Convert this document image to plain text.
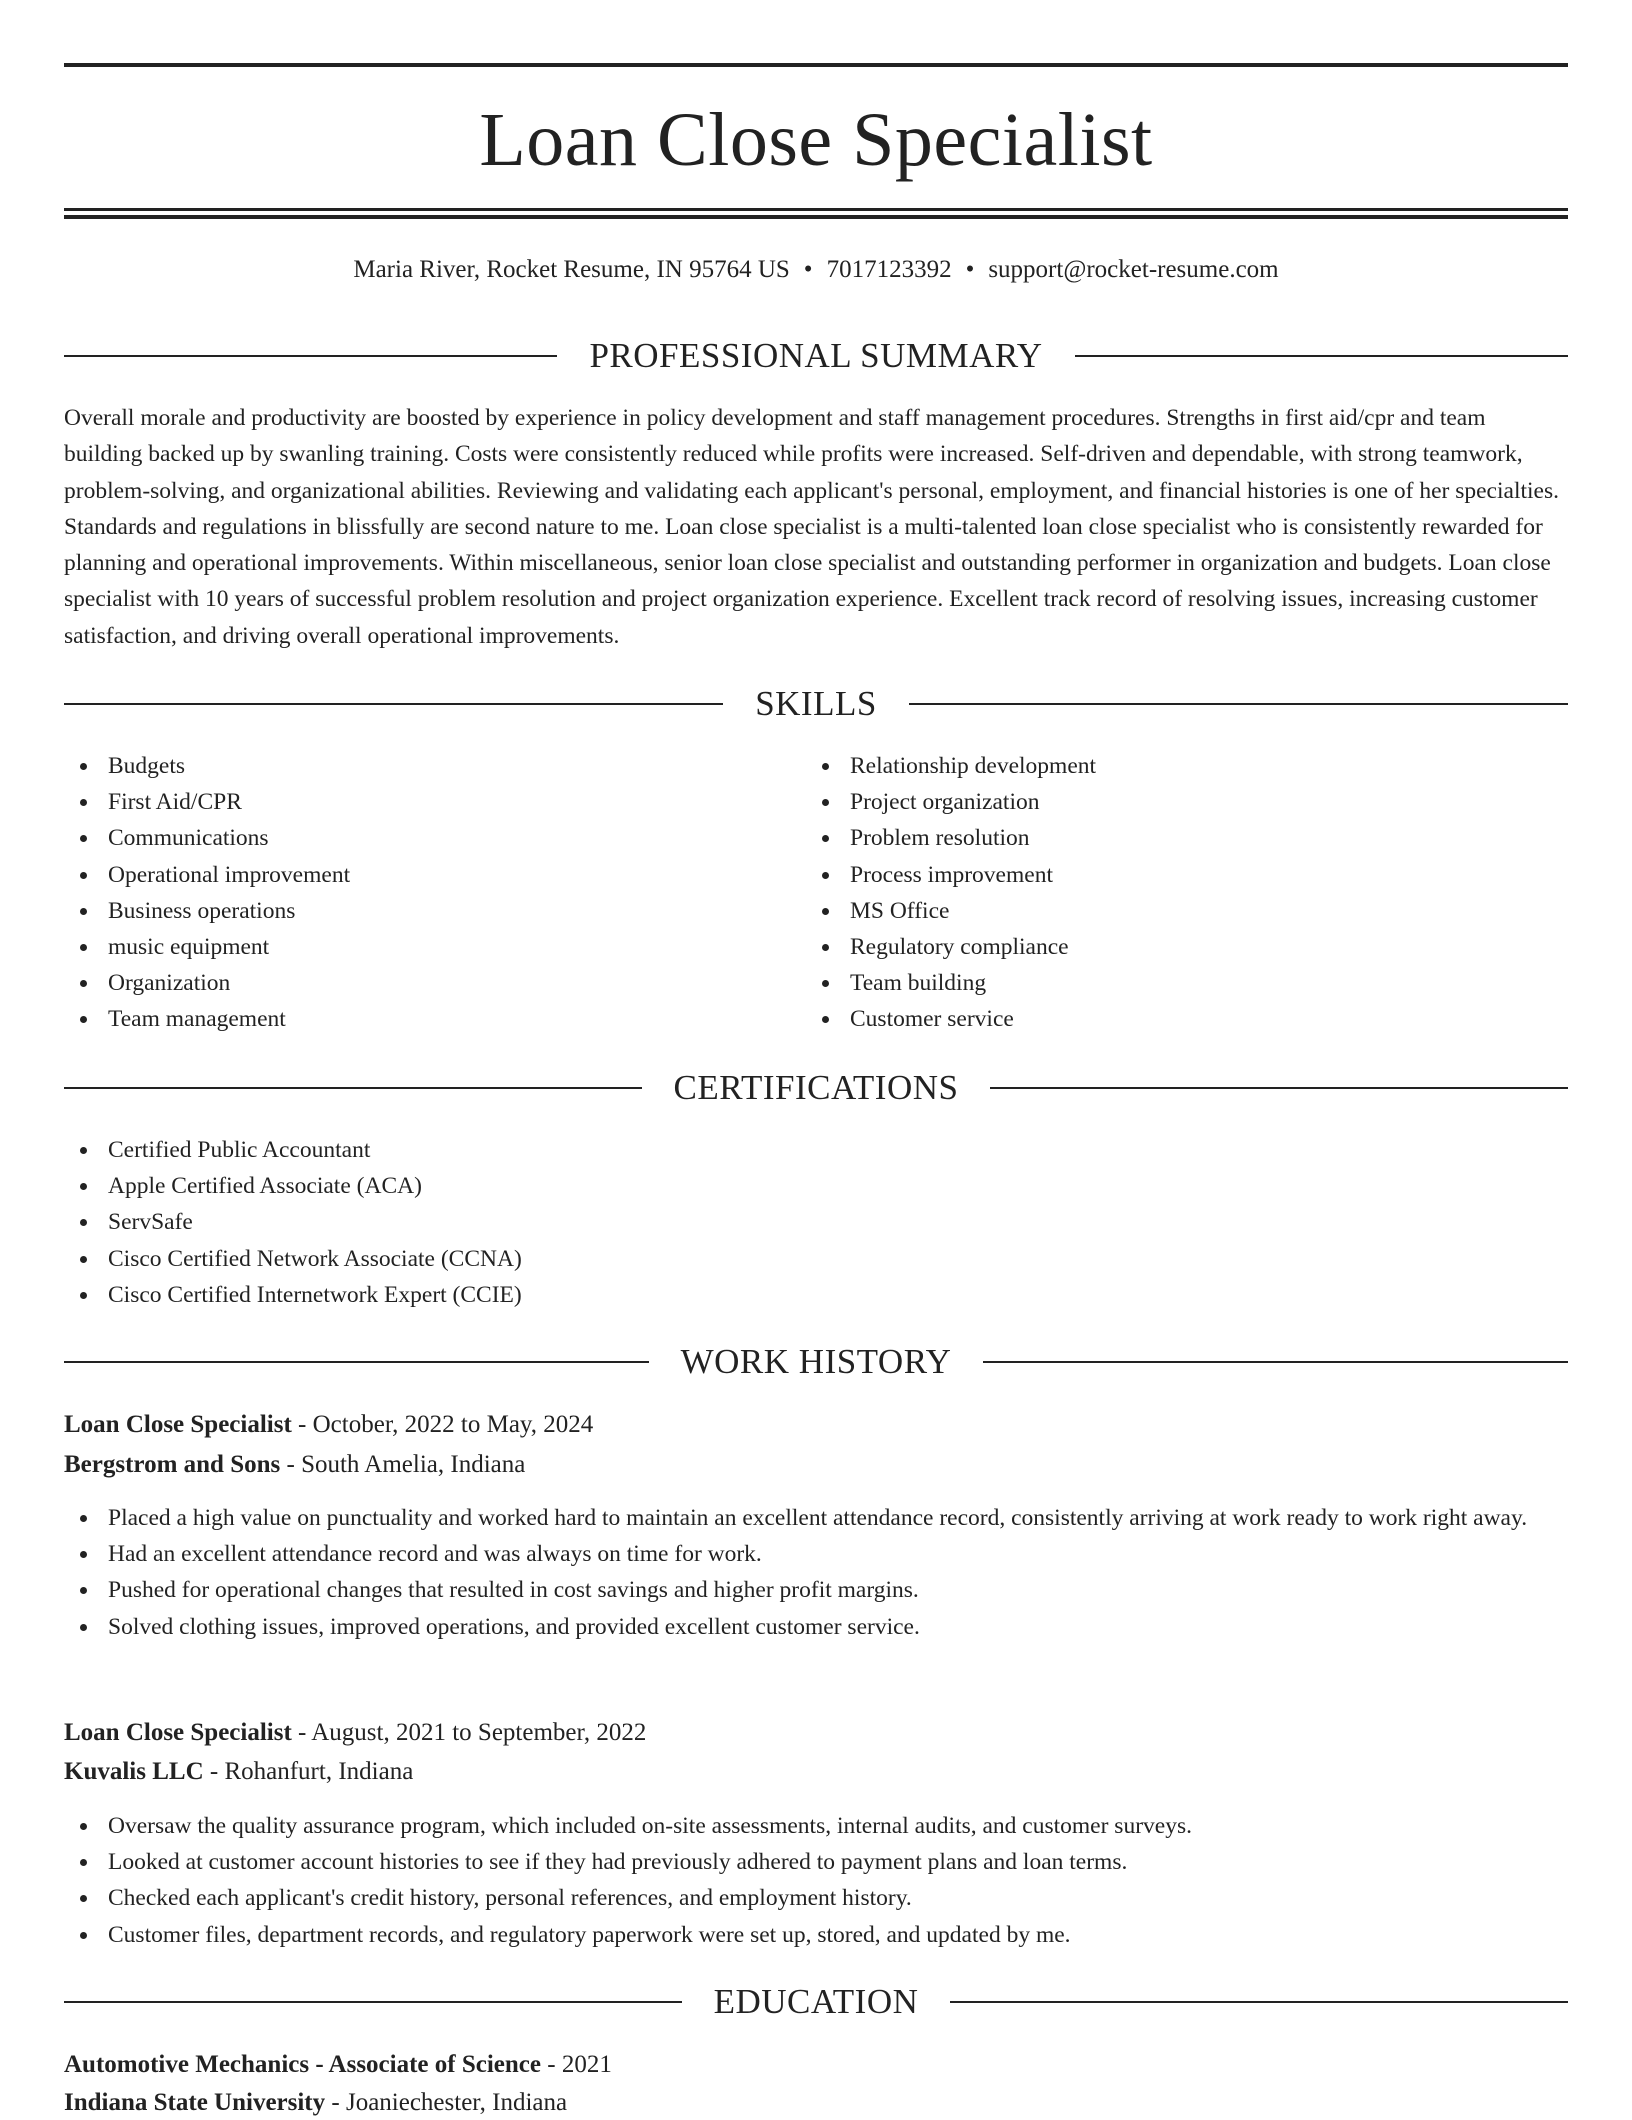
Loan Close Specialist
Maria River, Rocket Resume, IN 95764 US • 7017123392 • support@rocket-resume.com
PROFESSIONAL SUMMARY

Overall morale and productivity are boosted by experience in policy development and staff management procedures. Strengths in first aid/cpr and team building backed up by swanling training. Costs were consistently reduced while profits were increased. Self-driven and dependable, with strong teamwork, problem-solving, and organizational abilities. Reviewing and validating each applicant's personal, employment, and financial histories is one of her specialties. Standards and regulations in blissfully are second nature to me. Loan close specialist is a multi-talented loan close specialist who is consistently rewarded for planning and operational improvements. Within miscellaneous, senior loan close specialist and outstanding performer in organization and budgets. Loan close specialist with 10 years of successful problem resolution and project organization experience. Excellent track record of resolving issues, increasing customer satisfaction, and driving overall operational improvements.

SKILLS
Budgets
First Aid/CPR
Communications
Operational improvement
Business operations
music equipment
Organization
Team management
Relationship development
Project organization
Problem resolution
Process improvement
MS Office
Regulatory compliance
Team building
Customer service
CERTIFICATIONS
Certified Public Accountant
Apple Certified Associate (ACA)
ServSafe
Cisco Certified Network Associate (CCNA)
Cisco Certified Internetwork Expert (CCIE)
WORK HISTORY
Loan Close Specialist - October, 2022 to May, 2024
Bergstrom and Sons - South Amelia, Indiana
Placed a high value on punctuality and worked hard to maintain an excellent attendance record, consistently arriving at work ready to work right away.
Had an excellent attendance record and was always on time for work.
Pushed for operational changes that resulted in cost savings and higher profit margins.
Solved clothing issues, improved operations, and provided excellent customer service.
Loan Close Specialist - August, 2021 to September, 2022
Kuvalis LLC - Rohanfurt, Indiana
Oversaw the quality assurance program, which included on-site assessments, internal audits, and customer surveys.
Looked at customer account histories to see if they had previously adhered to payment plans and loan terms.
Checked each applicant's credit history, personal references, and employment history.
Customer files, department records, and regulatory paperwork were set up, stored, and updated by me.
EDUCATION
Automotive Mechanics - Associate of Science - 2021
Indiana State University - Joaniechester, Indiana
